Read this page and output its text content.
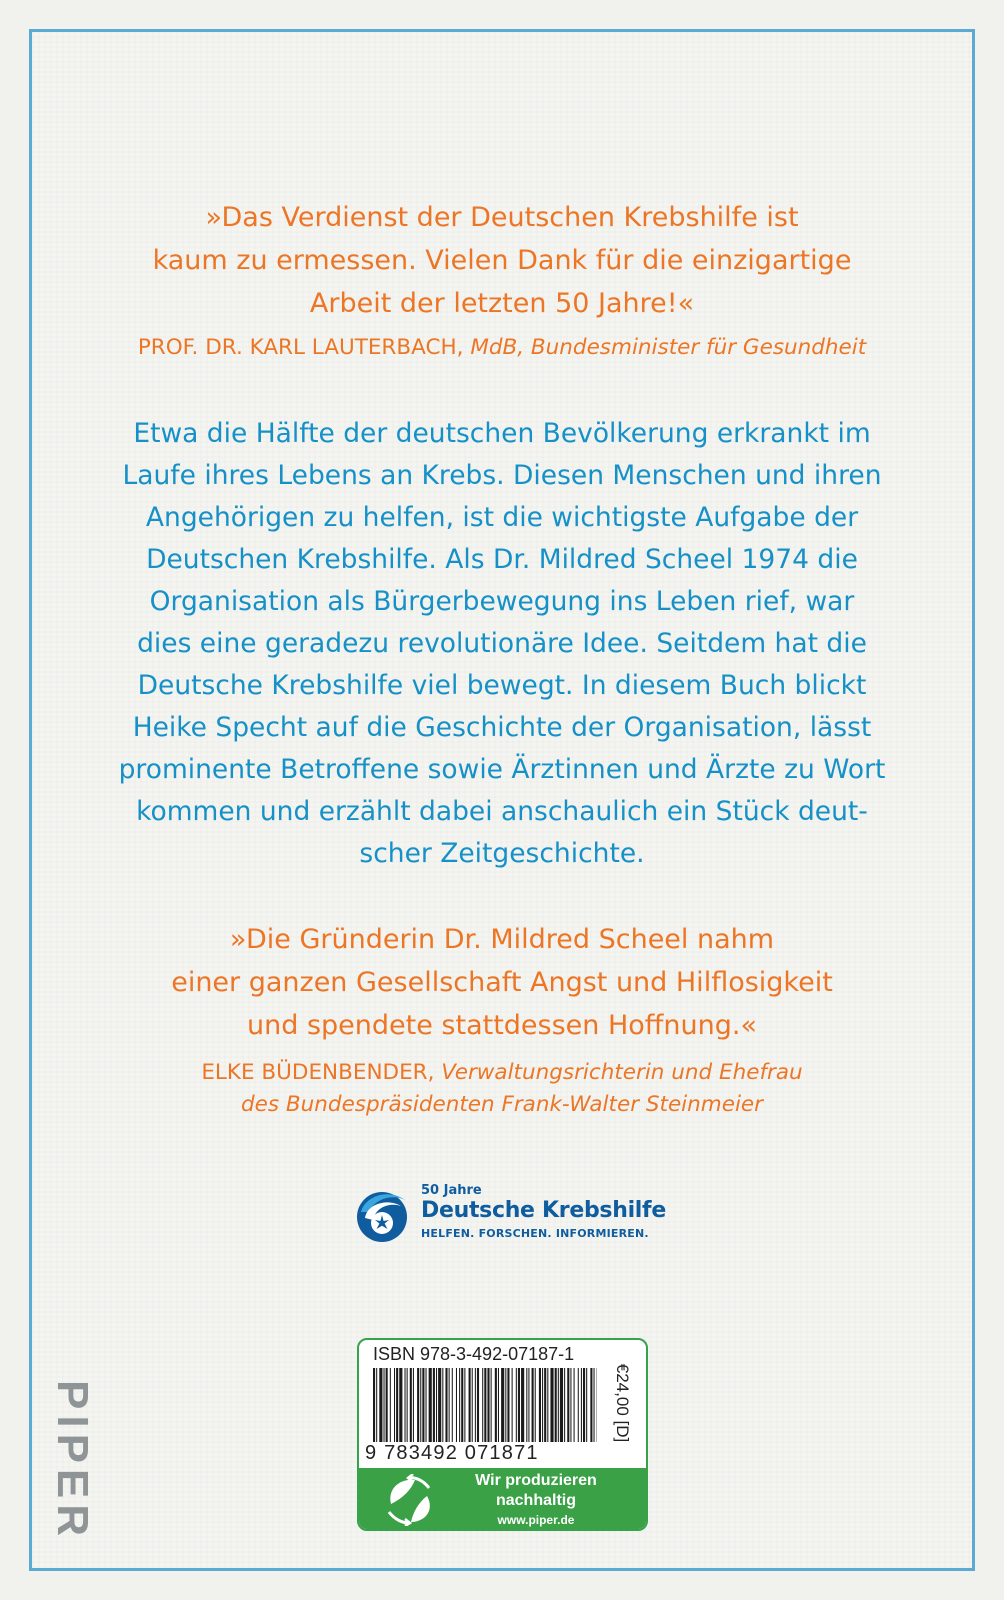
»Das Verdienst der Deutschen Krebshilfe ist
kaum zu ermessen. Vielen Dank für die einzigartige
Arbeit der letzten 50 Jahre!«
PROF. DR. KARL LAUTERBACH, MdB, Bundesminister für Gesundheit
Etwa die Hälfte der deutschen Bevölkerung erkrankt im
Laufe ihres Lebens an Krebs. Diesen Menschen und ihren
Angehörigen zu helfen, ist die wichtigste Aufgabe der
Deutschen Krebshilfe. Als Dr. Mildred Scheel 1974 die
Organisation als Bürgerbewegung ins Leben rief, war
dies eine geradezu revolutionäre Idee. Seitdem hat die
Deutsche Krebshilfe viel bewegt. In diesem Buch blickt
Heike Specht auf die Geschichte der Organisation, lässt
prominente Betroffene sowie Ärztinnen und Ärzte zu Wort
kommen und erzählt dabei anschaulich ein Stück deut-
scher Zeitgeschichte.
»Die Gründerin Dr. Mildred Scheel nahm
einer ganzen Gesellschaft Angst und Hilflosigkeit
und spendete stattdessen Hoffnung.«
ELKE BÜDENBENDER, Verwaltungsrichterin und Ehefrau
des Bundespräsidenten Frank-Walter Steinmeier
50 Jahre
Deutsche Krebshilfe
HELFEN. FORSCHEN. INFORMIEREN.
PIPER
ISBN 978-3-492-07187-1
9 783492 071871
€24,00 [D]
Wir produzieren
nachhaltig
www.piper.de
